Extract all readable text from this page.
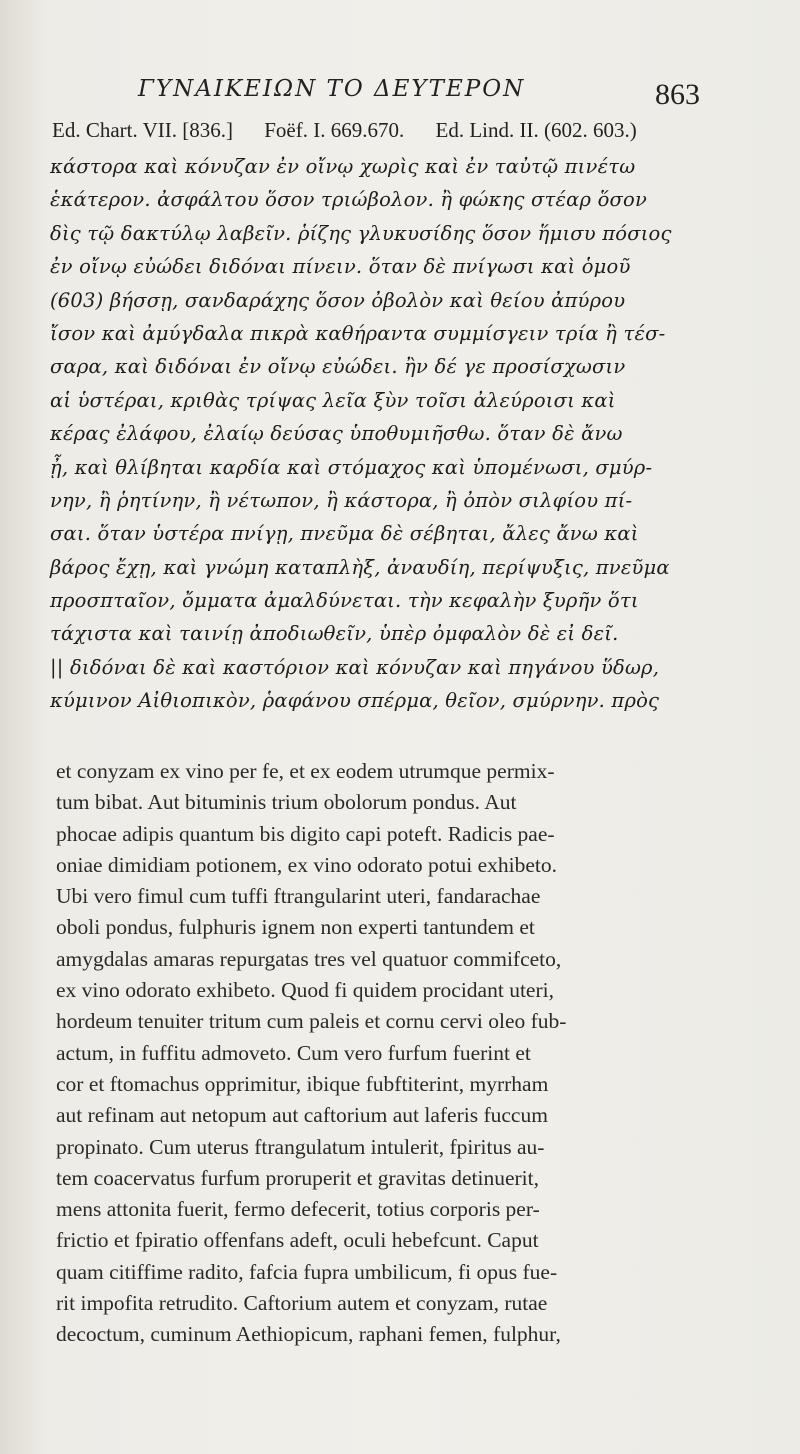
ΓΥΝΑΙΚΕΙΩΝ ΤΟ ΔΕΥΤΕΡΟΝ	863
Ed. Chart. VII. [836.] Foëf. I. 669.670. Ed. Lind. II. (602. 603.)
κάστορα καὶ κόνυζαν ἐν οἴνῳ χωρὶς καὶ ἐν ταὐτῷ πινέτω
ἑκάτερον. ἀσφάλτου ὅσον τριώβολον. ἢ φώκης στέαρ ὅσον
δὶς τῷ δακτύλῳ λαβεῖν. ῥίζης γλυκυσίδης ὅσον ἥμισυ πόσιος
ἐν οἴνῳ εὐώδει διδόναι πίνειν. ὅταν δὲ πνίγωσι καὶ ὁμοῦ
(603) βήσσῃ, σανδαράχης ὅσον ὀβολὸν καὶ θείου ἀπύρου
ἴσον καὶ ἀμύγδαλα πικρὰ καθήραντα συμμίσγειν τρία ἢ τέσ-
σαρα, καὶ διδόναι ἐν οἴνῳ εὐώδει. ἢν δέ γε προσίσχωσιν
αἱ ὑστέραι, κριθὰς τρίψας λεῖα ξὺν τοῖσι ἀλεύροισι καὶ
κέρας ἐλάφου, ἐλαίῳ δεύσας ὑποθυμιῆσθω. ὅταν δὲ ἄνω
ᾖ, καὶ θλίβηται καρδία καὶ στόμαχος καὶ ὑπομένωσι, σμύρ-
νην, ἢ ῥητίνην, ἢ νέτωπον, ἢ κάστορα, ἢ ὀπὸν σιλφίου πί-
σαι. ὅταν ὑστέρα πνίγῃ, πνεῦμα δὲ σέβηται, ἄλες ἄνω καὶ
βάρος ἔχῃ, καὶ γνώμη καταπλὴξ, ἀναυδίη, περίψυξις, πνεῦμα
προσπταῖον, ὄμματα ἀμαλδύνεται. τὴν κεφαλὴν ξυρῆν ὅτι
τάχιστα καὶ ταινίῃ ἀποδιωθεῖν, ὑπὲρ ὀμφαλὸν δὲ εἰ δεῖ.
|| διδόναι δὲ καὶ καστόριον καὶ κόνυζαν καὶ πηγάνου ὕδωρ,
κύμινον Αἰθιοπικὸν, ῥαφάνου σπέρμα, θεῖον, σμύρνην. πρὸς
et conyzam ex vino per fe, et ex eodem utrumque permix-
tum bibat. Aut bituminis trium obolorum pondus. Aut
phocae adipis quantum bis digito capi poteft. Radicis pae-
oniae dimidiam potionem, ex vino odorato potui exhibeto.
Ubi vero fimul cum tuffi ftrangularint uteri, fandarachae
oboli pondus, fulphuris ignem non experti tantundem et
amygdalas amaras repurgatas tres vel quatuor commifceto,
ex vino odorato exhibeto. Quod fi quidem procidant uteri,
hordeum tenuiter tritum cum paleis et cornu cervi oleo fub-
actum, in fuffitu admoveto. Cum vero furfum fuerint et
cor et ftomachus opprimitur, ibique fubftiterint, myrrham
aut refinam aut netopum aut caftorium aut laferis fuccum
propinato. Cum uterus ftrangulatum intulerit, fpiritus au-
tem coacervatus furfum proruperit et gravitas detinuerit,
mens attonita fuerit, fermo defecerit, totius corporis per-
frictio et fpiratio offenfans adeft, oculi hebefcunt. Caput
quam citiffime radito, fafcia fupra umbilicum, fi opus fue-
rit impofita retrudito. Caftorium autem et conyzam, rutae
decoctum, cuminum Aethiopicum, raphani femen, fulphur,
